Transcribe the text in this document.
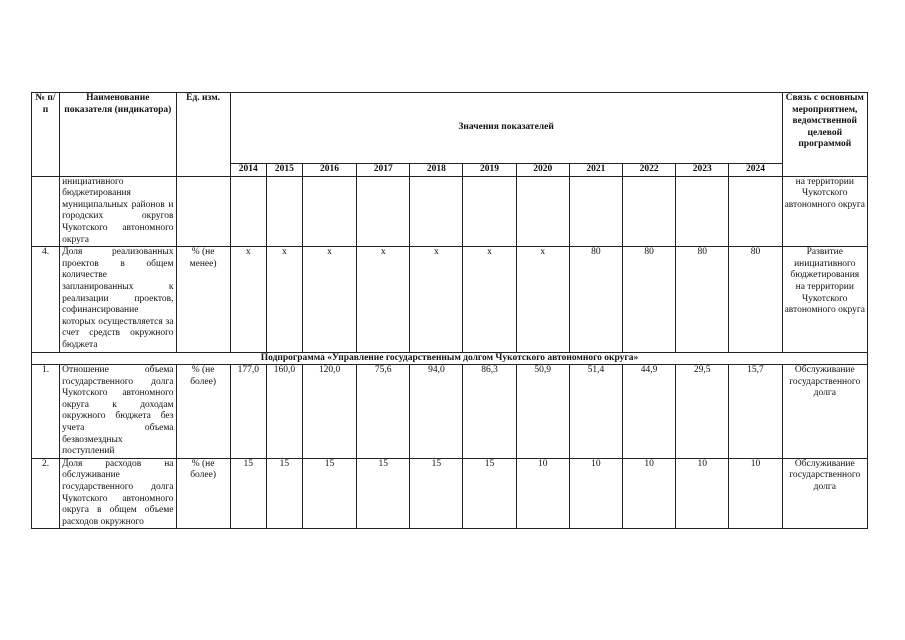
№ п/п	Наименование показателя (индикатора)	Ед. изм.	Значения показателей											Связь с основным мероприятием, ведомственной целевой программой
			2014	2015	2016	2017	2018	2019	2020	2021	2022	2023	2024	
	инициативного бюджетирования муниципальных районов и городских округов Чукотского автономного округа													на территории Чукотского автономного округа
4.	Доля реализованных проектов в общем количестве запланированных к реализации проектов, софинансирование которых осуществляется за счет средств окружного бюджета	% (не менее)	x	x	x	x	x	x	x	80	80	80	80	Развитие инициативного бюджетирования на территории Чукотского автономного округа
Подпрограмма «Управление государственным долгом Чукотского автономного округа»														
1.	Отношение объема государственного долга Чукотского автономного округа к доходам окружного бюджета без учета объема безвозмездных поступлений	% (не более)	177,0	160,0	120,0	75,6	94,0	86,3	50,9	51,4	44,9	29,5	15,7	Обслуживание государственного долга
2.	Доля расходов на обслуживание государственного долга Чукотского автономного округа в общем объеме расходов окружного	% (не более)	15	15	15	15	15	15	10	10	10	10	10	Обслуживание государственного долга
